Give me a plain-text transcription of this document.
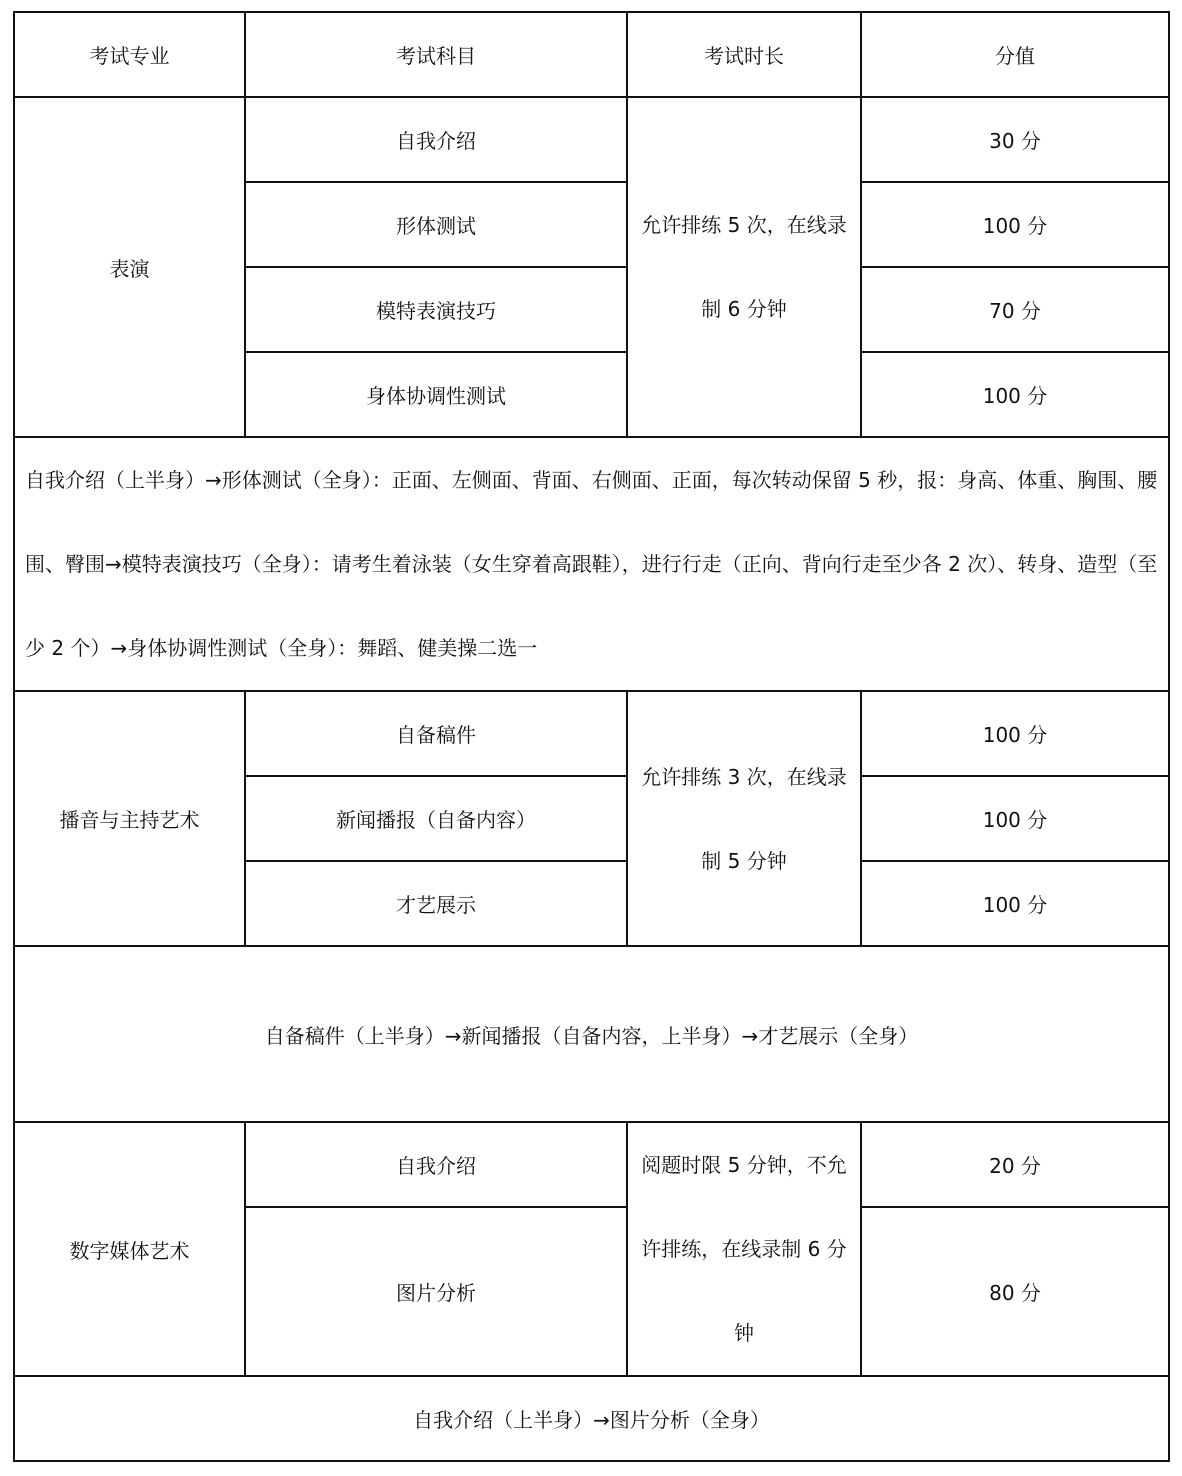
考试专业	考试科目	考试时长	分值
表演	自我介绍	允许排练 5 次，在线录制 6 分钟	30 分
	形体测试		100 分
	模特表演技巧		70 分
	身体协调性测试		100 分
自我介绍（上半身）→形体测试（全身）：正面、左侧面、背面、右侧面、正面，每次转动保留 5 秒，报：身高、体重、胸围、腰围、臀围→模特表演技巧（全身）：请考生着泳装（女生穿着高跟鞋），进行行走（正向、背向行走至少各 2 次）、转身、造型（至少 2 个）→身体协调性测试（全身）：舞蹈、健美操二选一			
播音与主持艺术	自备稿件	允许排练 3 次，在线录制 5 分钟	100 分
	新闻播报（自备内容）		100 分
	才艺展示		100 分
自备稿件（上半身）→新闻播报（自备内容，上半身）→才艺展示（全身）			
数字媒体艺术	自我介绍	阅题时限 5 分钟，不允许排练，在线录制 6 分钟	20 分
	图片分析		80 分
自我介绍（上半身）→图片分析（全身）			
